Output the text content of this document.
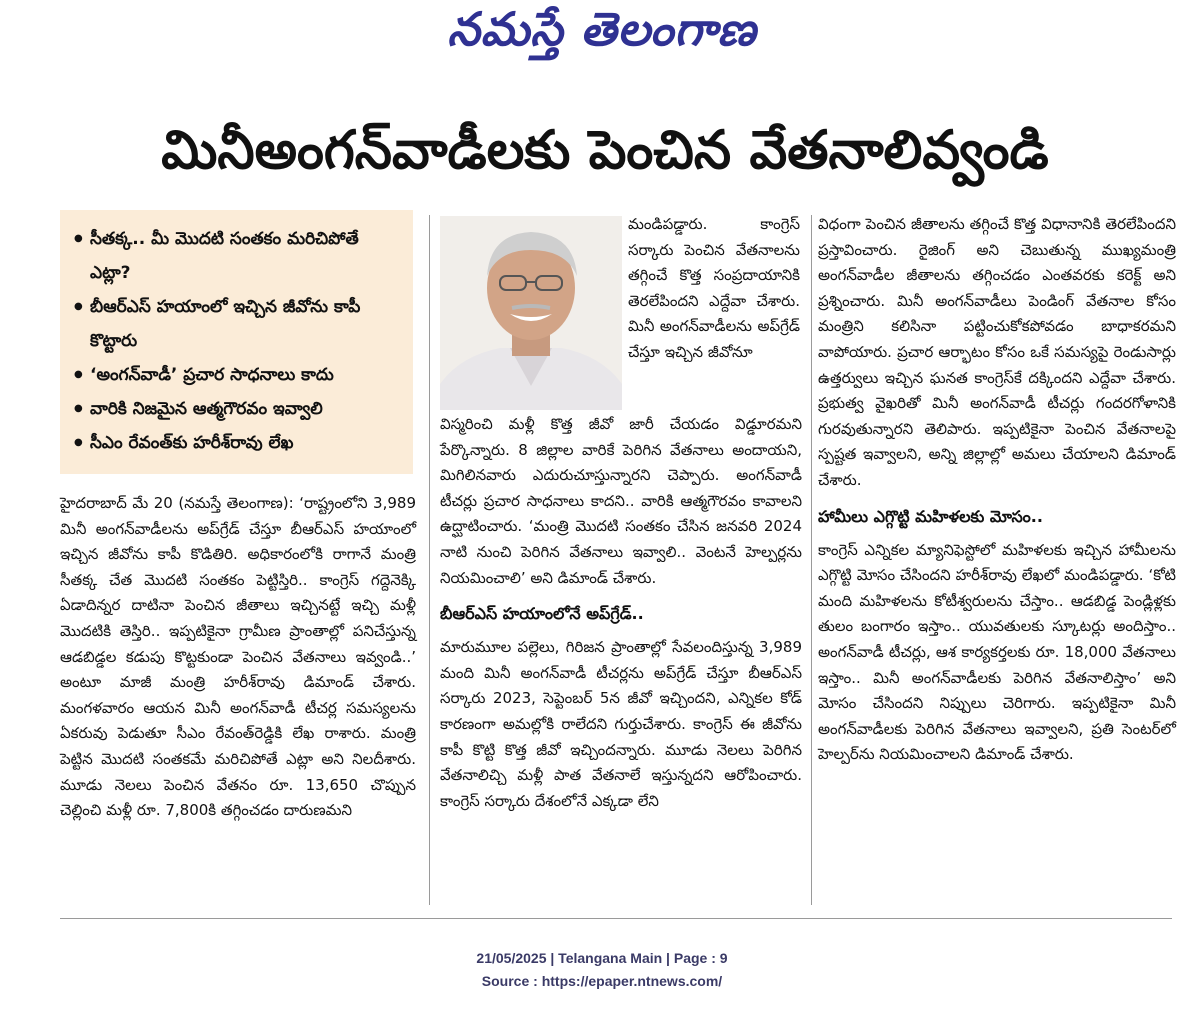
నమస్తే తెలంగాణ
మినీఅంగన్‌వాడీలకు పెంచిన వేతనాలివ్వండి
● సీతక్క.. మీ మొదటి సంతకం మరిచిపోతే ఎట్లా?
● బీఆర్‌ఎస్‌ హయాంలో ఇచ్చిన జీవోను కాపీ కొట్టారు
● ‘అంగన్‌వాడీ’ ప్రచార సాధనాలు కాదు
● వారికి నిజమైన ఆత్మగౌరవం ఇవ్వాలి
● సీఎం రేవంత్‌కు హరీశ్‌రావు లేఖ

హైదరాబాద్‌ మే 20 (నమస్తే తెలంగాణ): ‘రాష్ట్రంలోని 3,989 మినీ అంగన్‌వాడీలను అప్‌గ్రేడ్‌ చేస్తూ బీఆర్‌ఎస్‌ హయాంలో ఇచ్చిన జీవోను కాపీ కొడితిరి. అధికారంలోకి రాగానే మంత్రి సీతక్క చేత మొదటి సంతకం పెట్టిస్తిరి.. కాంగ్రెస్‌ గద్దెనెక్కి ఏడాదిన్నర దాటినా పెంచిన జీతాలు ఇచ్చినట్టే ఇచ్చి మళ్లీ మొదటికి తెస్తిరి.. ఇప్పటికైనా గ్రామీణ ప్రాంతాల్లో పనిచేస్తున్న ఆడబిడ్డల కడుపు కొట్టకుండా పెంచిన వేతనాలు ఇవ్వండి..’ అంటూ మాజీ మంత్రి హరీశ్‌రావు డిమాండ్‌ చేశారు. మంగళవారం ఆయన మినీ అంగన్‌వాడీ టీచర్ల సమస్యలను ఏకరువు పెడుతూ సీఎం రేవంత్‌రెడ్డికి లేఖ రాశారు. మంత్రి పెట్టిన మొదటి సంతకమే మరిచిపోతే ఎట్లా అని నిలదీశారు. మూడు నెలలు పెంచిన వేతనం రూ. 13,650 చొప్పున చెల్లించి మళ్లీ రూ. 7,800కి తగ్గించడం దారుణమని

మండిపడ్డారు. కాంగ్రెస్‌ సర్కారు పెంచిన వేతనాలను తగ్గించే కొత్త సంప్రదాయానికి తెరలేపిందని ఎద్దేవా చేశారు. మినీ అంగన్‌వాడీలను అప్‌గ్రేడ్‌ చేస్తూ ఇచ్చిన జీవోనూ

విస్మరించి మళ్లీ కొత్త జీవో జారీ చేయడం విడ్డూరమని పేర్కొన్నారు. 8 జిల్లాల వారికే పెరిగిన వేతనాలు అందాయని, మిగిలినవారు ఎదురుచూస్తున్నారని చెప్పారు. అంగన్‌వాడీ టీచర్లు ప్రచార సాధనాలు కాదని.. వారికి ఆత్మగౌరవం కావాలని ఉద్ఘాటించారు. ‘మంత్రి మొదటి సంతకం చేసిన జనవరి 2024 నాటి నుంచి పెరిగిన వేతనాలు ఇవ్వాలి.. వెంటనే హెల్పర్లను నియమించాలి’ అని డిమాండ్‌ చేశారు.

బీఆర్‌ఎస్‌ హయాంలోనే అప్‌గ్రేడ్‌..

మారుమూల పల్లెలు, గిరిజన ప్రాంతాల్లో సేవలందిస్తున్న 3,989 మంది మినీ అంగన్‌వాడీ టీచర్లను అప్‌గ్రేడ్‌ చేస్తూ బీఆర్‌ఎస్‌ సర్కారు 2023, సెప్టెంబర్‌ 5న జీవో ఇచ్చిందని, ఎన్నికల కోడ్‌ కారణంగా అమల్లోకి రాలేదని గుర్తుచేశారు. కాంగ్రెస్‌ ఈ జీవోను కాపీ కొట్టి కొత్త జీవో ఇచ్చిందన్నారు. మూడు నెలలు పెరిగిన వేతనాలిచ్చి మళ్లీ పాత వేతనాలే ఇస్తున్నదని ఆరోపించారు. కాంగ్రెస్‌ సర్కారు దేశంలోనే ఎక్కడా లేని

విధంగా పెంచిన జీతాలను తగ్గించే కొత్త విధానానికి తెరలేపిందని ప్రస్తావించారు. రైజింగ్‌ అని చెబుతున్న ముఖ్యమంత్రి అంగన్‌వాడీల జీతాలను తగ్గించడం ఎంతవరకు కరెక్ట్‌ అని ప్రశ్నించారు. మినీ అంగన్‌వాడీలు పెండింగ్‌ వేతనాల కోసం మంత్రిని కలిసినా పట్టించుకోకపోవడం బాధాకరమని వాపోయారు. ప్రచార ఆర్భాటం కోసం ఒకే సమస్యపై రెండుసార్లు ఉత్తర్వులు ఇచ్చిన ఘనత కాంగ్రెస్‌కే దక్కిందని ఎద్దేవా చేశారు. ప్రభుత్వ వైఖరితో మినీ అంగన్‌వాడీ టీచర్లు గందరగోళానికి గురవుతున్నారని తెలిపారు. ఇప్పటికైనా పెంచిన వేతనాలపై స్పష్టత ఇవ్వాలని, అన్ని జిల్లాల్లో అమలు చేయాలని డిమాండ్‌ చేశారు.

హామీలు ఎగ్గొట్టి మహిళలకు మోసం..

కాంగ్రెస్‌ ఎన్నికల మ్యానిఫెస్టోలో మహిళలకు ఇచ్చిన హామీలను ఎగ్గొట్టి మోసం చేసిందని హరీశ్‌రావు లేఖలో మండిపడ్డారు. ‘కోటి మంది మహిళలను కోటీశ్వరులను చేస్తాం.. ఆడబిడ్డ పెండ్లిళ్లకు తులం బంగారం ఇస్తాం.. యువతులకు స్కూటర్లు అందిస్తాం.. అంగన్‌వాడీ టీచర్లు, ఆశ కార్యకర్తలకు రూ. 18,000 వేతనాలు ఇస్తాం.. మినీ అంగన్‌వాడీలకు పెరిగిన వేతనాలిస్తాం’ అని మోసం చేసిందని నిప్పులు చెరిగారు. ఇప్పటికైనా మినీ అంగన్‌వాడీలకు పెరిగిన వేతనాలు ఇవ్వాలని, ప్రతి సెంటర్‌లో హెల్పర్‌ను నియమించాలని డిమాండ్‌ చేశారు.

21/05/2025 | Telangana Main | Page : 9
Source : https://epaper.ntnews.com/
